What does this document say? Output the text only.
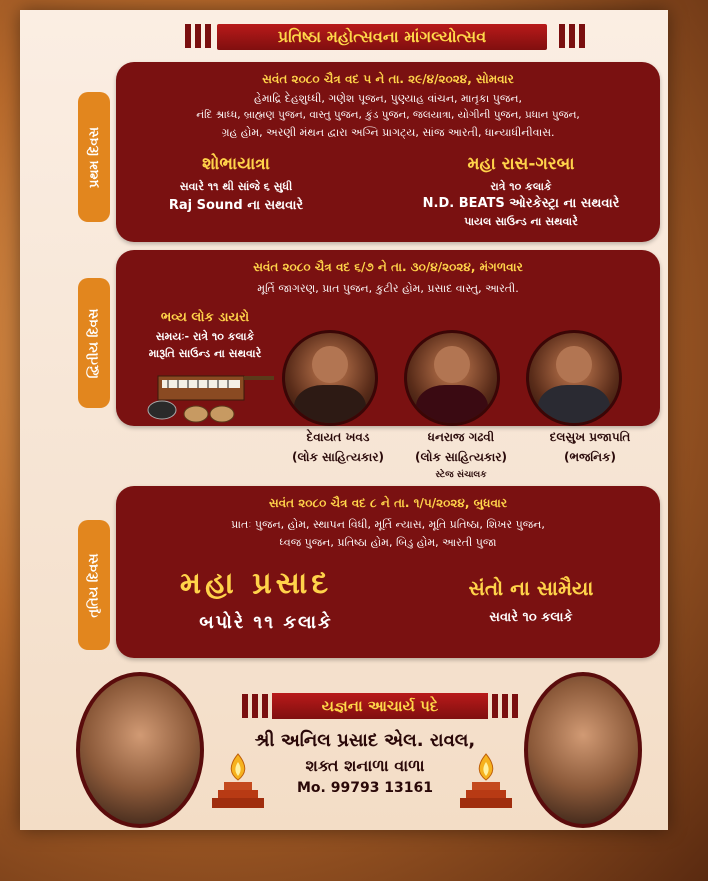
પ્રતિષ્ઠા મહોત્સવના માંગલ્યોત્સવ
સવંત ૨૦૮૦ ચૈત્ર વદ ૫ ને તા. ૨૯/૪/૨૦૨૪, સોમવાર
હેમાદ્રિ દેહશુધ્ધી, ગણેશ પૂજન, પુણ્યાહ વાંચન, માતૃકા પુજન,
નંદિ શ્રાધ્ધ, બ્રાહ્મણ પુજન, વાસ્તુ પુજન, કુંડ પુજન, જલયાત્રા, યોગીની પુજન, પ્રધાન પુજન,
ગ્રહ હોમ, અરણી મંથન દ્વારા અગ્નિ પ્રાગટ્ય, સાંજ આરતી, ધાન્યાધીનીવાસ.
શોભાયાત્રા
સવારે ૧૧ થી સાંજે ૬ સુધી
Raj Sound ના સથવારે
મહા રાસ-ગરબા
રાત્રે ૧૦ કલાકે
N.D. BEATS ઓરકેસ્ટ્રા ના સથવારે
પાયલ સાઉન્ડ ના સથવારે
પ્રથમ દિવસ
સવંત ૨૦૮૦ ચૈત્ર વદ ૬/૭ ને તા. ૩૦/૪/૨૦૨૪, મંગળવાર
મૂર્તિ જાગરણ, પ્રાત પુજન, કુટીર હોમ, પ્રસાદ વાસ્તુ, આરતી.
ભવ્ય લોક ડાયરો
સમયઃ- રાત્રે ૧૦ કલાકે
મારૂતિ સાઉન્ડ ના સથવારે
દ્વિતીય દિવસ
દેવાયત ખવડ
(લોક સાહિત્યકાર)
ધનરાજ ગઢવી
(લોક સાહિત્યકાર)
સ્ટેજ સંચાલક
દલસુખ પ્રજાપતિ
(ભજનિક)
સવંત ૨૦૮૦ ચૈત્ર વદ ૮ ને તા. ૧/૫/૨૦૨૪, બુધવાર
પ્રાતઃ પુજન, હોમ, સ્થાપન વિધી, મૂર્તિ ન્યાસ, મૂતિ પ્રતિષ્ઠા, શિખર પુજન,
ધ્વજ પુજન, પ્રતિષ્ઠા હોમ, બિડુ હોમ, આરતી પુજા
મહા પ્રસાદ
બપોરે ૧૧ કલાકે
સંતો ના સામૈયા
સવારે ૧૦ કલાકે
તૃતિય દિવસ
યજ્ઞના આચાર્ય પદે
શ્રી અનિલ પ્રસાદ એલ. રાવલ,
શક્ત શનાળા વાળા
Mo. 99793 13161
